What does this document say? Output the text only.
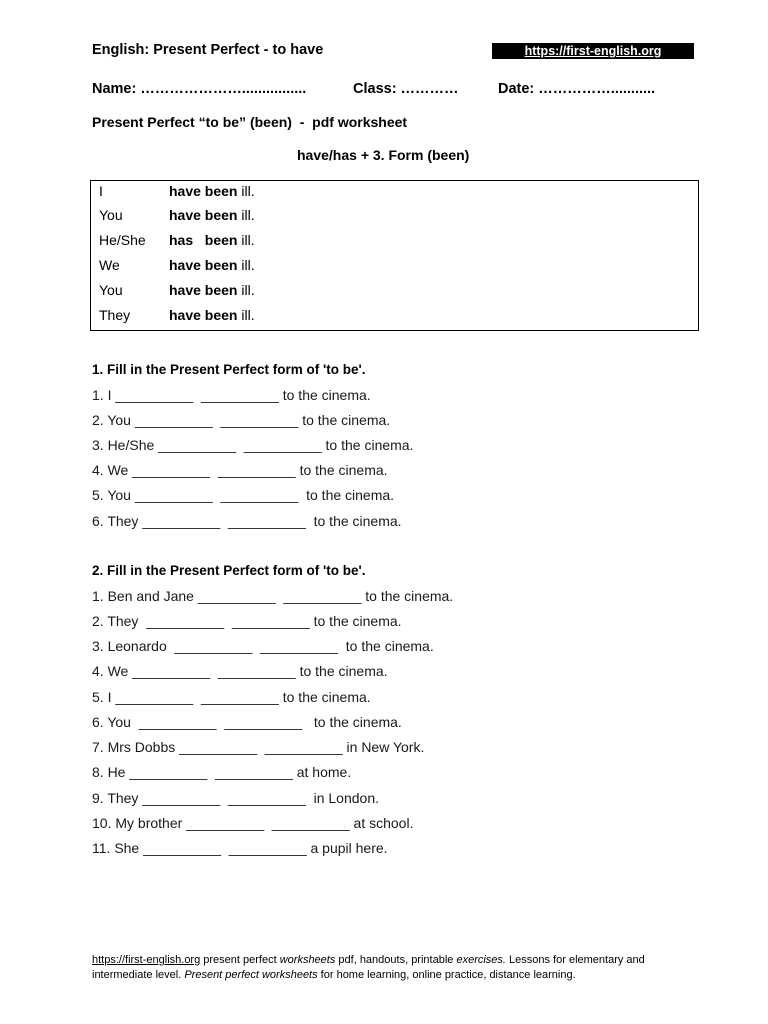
English: Present Perfect - to have	https://first-english.org
Name: …………………................	Class: …………	Date: ……………...........
Present Perfect “to be” (been)  -  pdf worksheet
have/has + 3. Form (been)
I	have been ill.
You	have been ill.
He/She has   been ill.
We	have been ill.
You	have been ill.
They	have been ill.
1. Fill in the Present Perfect form of 'to be'.
1. I __________  __________ to the cinema.
2. You __________  __________ to the cinema.
3. He/She __________  __________ to the cinema.
4. We __________  __________ to the cinema.
5. You __________  __________  to the cinema.
6. They __________  __________  to the cinema.
2. Fill in the Present Perfect form of 'to be'.
1. Ben and Jane __________  __________ to the cinema.
2. They  __________  __________ to the cinema.
3. Leonardo  __________  __________  to the cinema.
4. We __________  __________ to the cinema.
5. I __________  __________ to the cinema.
6. You  __________  __________   to the cinema.
7. Mrs Dobbs __________  __________ in New York.
8. He __________  __________ at home.
9. They __________  __________  in London.
10. My brother __________  __________ at school.
11. She __________  __________ a pupil here.
https://first-english.org present perfect worksheets pdf, handouts, printable exercises. Lessons for elementary and intermediate level. Present perfect worksheets for home learning, online practice, distance learning.
